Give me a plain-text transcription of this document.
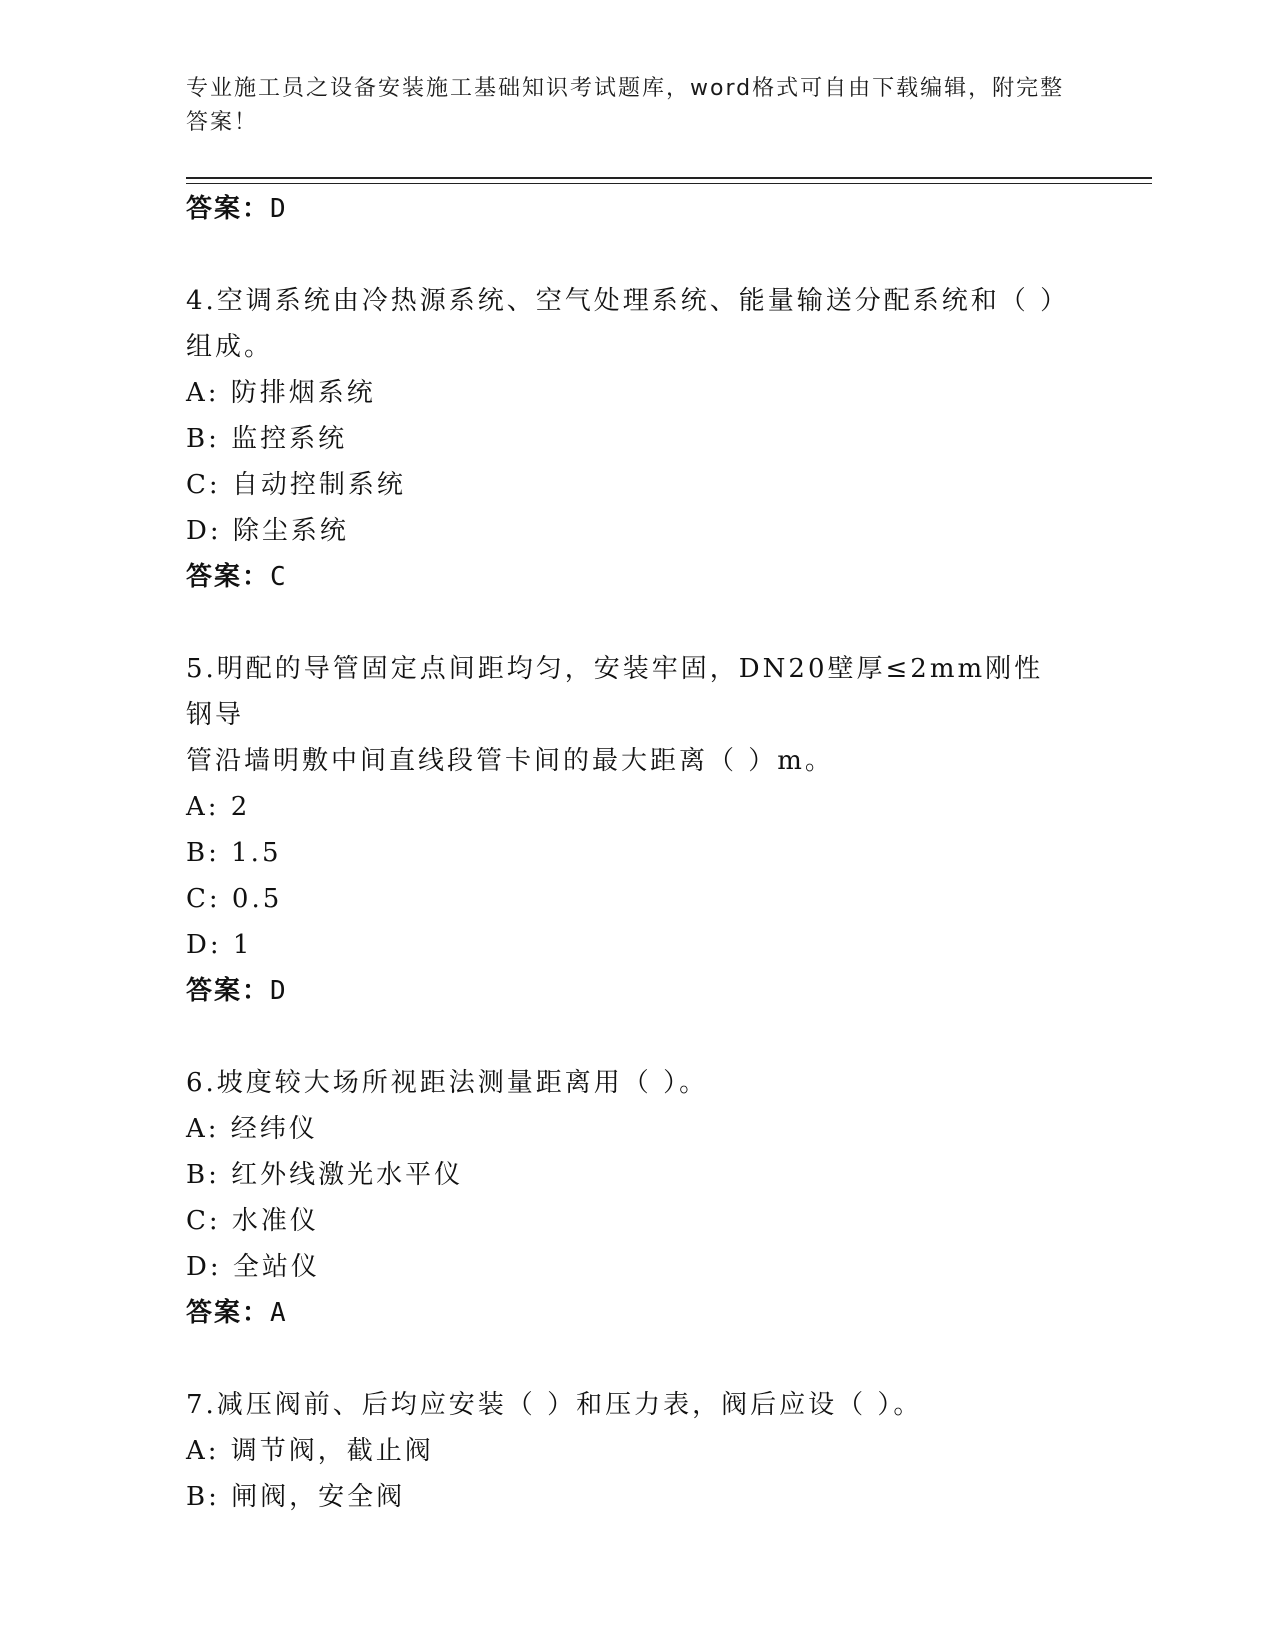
专业施工员之设备安装施工基础知识考试题库，word格式可自由下载编辑，附完整答案！
答案：D
4.空调系统由冷热源系统、空气处理系统、能量输送分配系统和（ ）
组成。
A: 防排烟系统
B: 监控系统
C: 自动控制系统
D: 除尘系统
答案：C
5.明配的导管固定点间距均匀，安装牢固，DN20壁厚≤2mm刚性钢导
管沿墙明敷中间直线段管卡间的最大距离（ ）m。
A: 2
B: 1.5
C: 0.5
D: 1
答案：D
6.坡度较大场所视距法测量距离用（ ）。
A: 经纬仪
B: 红外线激光水平仪
C: 水准仪
D: 全站仪
答案：A
7.减压阀前、后均应安装（ ）和压力表，阀后应设（ ）。
A: 调节阀，截止阀
B: 闸阀，安全阀
